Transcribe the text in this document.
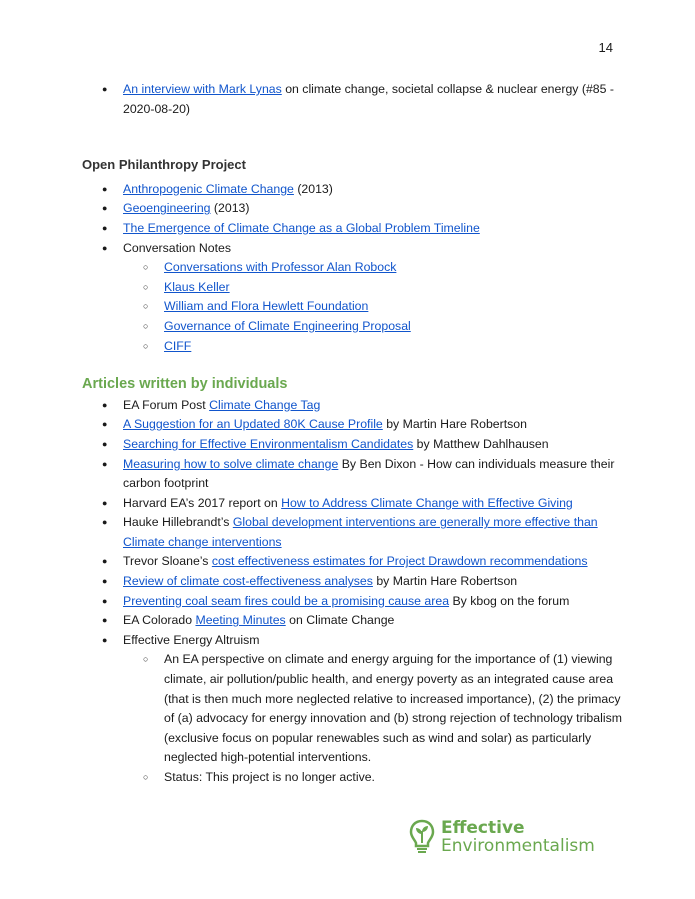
14
● An interview with Mark Lynas on climate change, societal collapse & nuclear energy (#85 - 2020-08-20)
Open Philanthropy Project
● Anthropogenic Climate Change (2013)
● Geoengineering (2013)
● The Emergence of Climate Change as a Global Problem Timeline
● Conversation Notes
○ Conversations with Professor Alan Robock
○ Klaus Keller
○ William and Flora Hewlett Foundation
○ Governance of Climate Engineering Proposal
○ CIFF
Articles written by individuals
● EA Forum Post Climate Change Tag
● A Suggestion for an Updated 80K Cause Profile by Martin Hare Robertson
● Searching for Effective Environmentalism Candidates by Matthew Dahlhausen
● Measuring how to solve climate change By Ben Dixon - How can individuals measure their carbon footprint
● Harvard EA’s 2017 report on How to Address Climate Change with Effective Giving
● Hauke Hillebrandt’s Global development interventions are generally more effective than Climate change interventions
● Trevor Sloane’s cost effectiveness estimates for Project Drawdown recommendations
● Review of climate cost-effectiveness analyses by Martin Hare Robertson
● Preventing coal seam fires could be a promising cause area By kbog on the forum
● EA Colorado Meeting Minutes on Climate Change
● Effective Energy Altruism
○ An EA perspective on climate and energy arguing for the importance of (1) viewing climate, air pollution/public health, and energy poverty as an integrated cause area (that is then much more neglected relative to increased importance), (2) the primacy of (a) advocacy for energy innovation and (b) strong rejection of technology tribalism (exclusive focus on popular renewables such as wind and solar) as particularly neglected high-potential interventions.
○ Status: This project is no longer active.
Effective
Environmentalism
